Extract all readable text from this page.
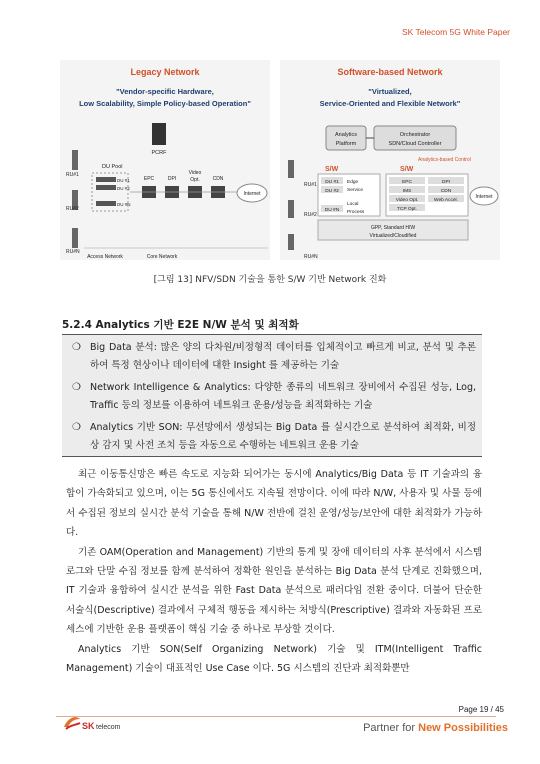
SK Telecom 5G White Paper
Legacy Network
"Vendor-specific Hardware,
Low Scalability, Simple Policy-based Operation"
PCRF
RU#1
RU#2
RU#N
DU Pool
DU #1
DU #2
DU #N
EPC	DPI
Video
Opt.	CDN
Internet
Access Network	Core Network
Software-based Network
"Virtualized,
Service-Oriented and Flexible Network"
Analytics
Platform
Orchestrator
SDN/Cloud Controller
Analytics-based Control
S/W	S/W
DU #1
DU #2
DU #N
Edge
Service
Local
Process
EPC	DPI
IMS	CDN
Video Opt.	Web Accel.
TCP Opt.
GPP, Standard H/W
Virtualized/Cloudified
RU#1
RU#2
RU#N
Internet
[그림 13] NFV/SDN 기술을 통한 S/W 기반 Network 진화
5.2.4 Analytics 기반 E2E N/W 분석 및 최적화
❍ Big Data 분석: 많은 양의 다차원/비정형적 데이터를 입체적이고 빠르게 비교, 분석 및 추론하여 특정 현상이나 데이터에 대한 Insight 를 제공하는 기술
❍ Network Intelligence & Analytics: 다양한 종류의 네트워크 장비에서 수집된 성능, Log, Traffic 등의 정보를 이용하여 네트워크 운용/성능을 최적화하는 기술
❍ Analytics 기반 SON: 무선망에서 생성되는 Big Data 를 실시간으로 분석하여 최적화, 비정상 감지 및 사전 조치 등을 자동으로 수행하는 네트워크 운용 기술

최근 이동통신망은 빠른 속도로 지능화 되어가는 동시에 Analytics/Big Data 등 IT 기술과의 융합이 가속화되고 있으며, 이는 5G 통신에서도 지속될 전망이다. 이에 따라 N/W, 사용자 및 사물 등에서 수집된 정보의 실시간 분석 기술을 통해 N/W 전반에 걸친 운영/성능/보안에 대한 최적화가 가능하다.

기존 OAM(Operation and Management) 기반의 통계 및 장애 데이터의 사후 분석에서 시스템 로그와 단말 수집 정보를 함께 분석하여 정확한 원인을 분석하는 Big Data 분석 단계로 진화했으며, IT 기술과 융합하여 실시간 분석을 위한 Fast Data 분석으로 패러다임 전환 중이다. 더불어 단순한 서술식(Descriptive) 결과에서 구체적 행동을 제시하는 처방식(Prescriptive) 결과와 자동화된 프로세스에 기반한 운용 플랫폼이 핵심 기술 중 하나로 부상할 것이다.

Analytics 기반 SON(Self Organizing Network) 기술 및 ITM(Intelligent Traffic Management) 기술이 대표적인 Use Case 이다. 5G 시스템의 진단과 최적화뿐만

Page 19 / 45
SK telecom	Partner for New Possibilities
